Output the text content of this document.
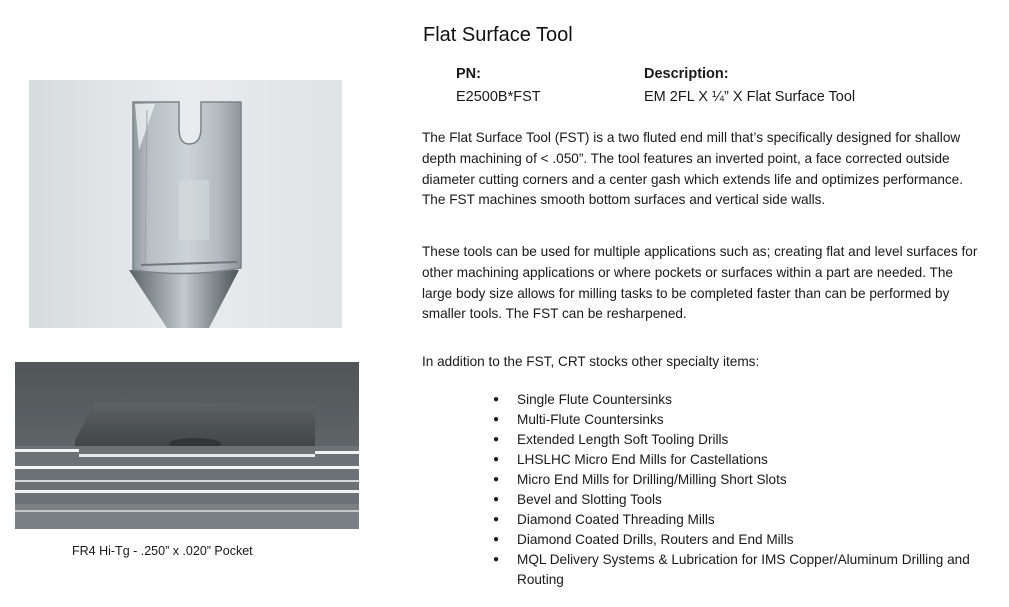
Flat Surface Tool
PN:	Description:
E2500B*FST	EM 2FL X ¼” X Flat Surface Tool
The Flat Surface Tool (FST) is a two fluted end mill that’s specifically designed for shallow depth machining of < .050”. The tool features an inverted point, a face corrected outside diameter cutting corners and a center gash which extends life and optimizes performance. The FST machines smooth bottom surfaces and vertical side walls.
These tools can be used for multiple applications such as; creating flat and level surfaces for other machining applications or where pockets or surfaces within a part are needed. The large body size allows for milling tasks to be completed faster than can be performed by smaller tools. The FST can be resharpened.
In addition to the FST, CRT stocks other specialty items:
● Single Flute Countersinks
● Multi-Flute Countersinks
● Extended Length Soft Tooling Drills
● LHSLHC Micro End Mills for Castellations
● Micro End Mills for Drilling/Milling Short Slots
● Bevel and Slotting Tools
● Diamond Coated Threading Mills
● Diamond Coated Drills, Routers and End Mills
● MQL Delivery Systems & Lubrication for IMS Copper/Aluminum Drilling and Routing
FR4 Hi-Tg - .250” x .020” Pocket
